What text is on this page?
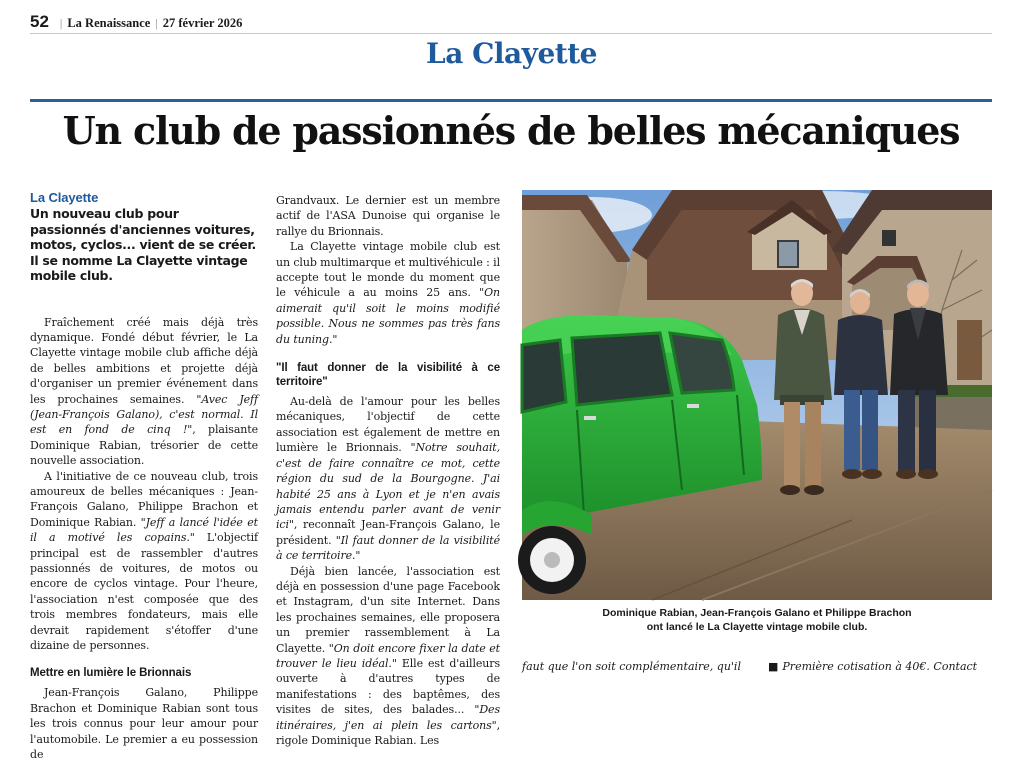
52 | La Renaissance | 27 février 2026
La Clayette
Un club de passionnés de belles mécaniques
La Clayette
Un nouveau club pour passionnés d'anciennes voitures, motos, cyclos... vient de se créer. Il se nomme La Clayette vintage mobile club.

Fraîchement créé mais déjà très dynamique. Fondé début février, le La Clayette vintage mobile club affiche déjà de belles ambitions et projette déjà d'organiser un premier événement dans les prochaines semaines. "Avec Jeff (Jean-François Galano), c'est normal. Il est en fond de cinq !", plaisante Dominique Rabian, trésorier de cette nouvelle association.

A l'initiative de ce nouveau club, trois amoureux de belles mécaniques : Jean-François Galano, Philippe Brachon et Dominique Rabian. "Jeff a lancé l'idée et il a motivé les copains." L'objectif principal est de rassembler d'autres passionnés de voitures, de motos ou encore de cyclos vintage. Pour l'heure, l'association n'est composée que des trois membres fondateurs, mais elle devrait rapidement s'étoffer d'une dizaine de personnes.

Mettre en lumière le Brionnais

Jean-François Galano, Philippe Brachon et Dominique Rabian sont tous les trois connus pour leur amour pour l'automobile. Le premier a eu possession de

Grandvaux. Le dernier est un membre actif de l'ASA Dunoise qui organise le rallye du Brionnais.

La Clayette vintage mobile club est un club multimarque et multivéhicule : il accepte tout le monde du moment que le véhicule a au moins 25 ans. "On aimerait qu'il soit le moins modifié possible. Nous ne sommes pas très fans du tuning."

"Il faut donner de la visibilité à ce territoire"

Au-delà de l'amour pour les belles mécaniques, l'objectif de cette association est également de mettre en lumière le Brionnais. "Notre souhait, c'est de faire connaître ce mot, cette région du sud de la Bourgogne. J'ai habité 25 ans à Lyon et je n'en avais jamais entendu parler avant de venir ici", reconnaît Jean-François Galano, le président. "Il faut donner de la visibilité à ce territoire."

Déjà bien lancée, l'association est déjà en possession d'une page Facebook et Instagram, d'un site Internet. Dans les prochaines semaines, elle proposera un premier rassemblement à La Clayette. "On doit encore fixer la date et trouver le lieu idéal." Elle est d'ailleurs ouverte à d'autres types de manifestations : des baptêmes, des visites de sites, des balades... "Des itinéraires, j'en ai plein les cartons", rigole Dominique Rabian. Les

Dominique Rabian, Jean-François Galano et Philippe Brachon
ont lancé le La Clayette vintage mobile club.
faut que l'on soit complémentaire, qu'il	■ Première cotisation à 40€. Contact
